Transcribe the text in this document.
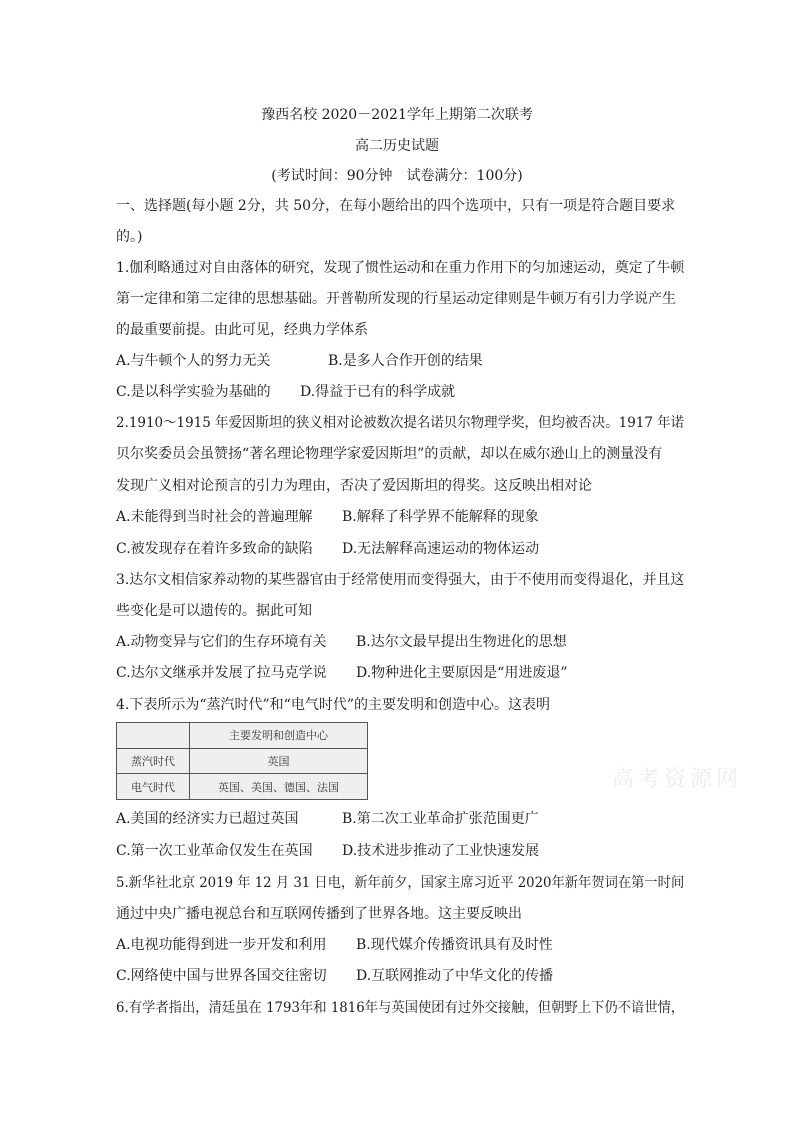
豫西名校 2020－2021学年上期第二次联考
高二历史试题
(考试时间：90分钟　试卷满分：100分)
一、选择题(每小题 2分，共 50分，在每小题给出的四个选项中，只有一项是符合题目要求
的。)
1.伽利略通过对自由落体的研究，发现了惯性运动和在重力作用下的匀加速运动，奠定了牛顿
第一定律和第二定律的思想基础。开普勒所发现的行星运动定律则是牛顿万有引力学说产生
的最重要前提。由此可见，经典力学体系
A.与牛顿个人的努力无关	B.是多人合作开创的结果
C.是以科学实验为基础的 D.得益于已有的科学成就
2.1910～1915 年爱因斯坦的狭义相对论被数次提名诺贝尔物理学奖，但均被否决。1917 年诺
贝尔奖委员会虽赞扬“著名理论物理学家爱因斯坦”的贡献，却以在威尔逊山上的测量没有
发现广义相对论预言的引力为理由，否决了爱因斯坦的得奖。这反映出相对论
A.未能得到当时社会的普遍理解 B.解释了科学界不能解释的现象
C.被发现存在着许多致命的缺陷 D.无法解释高速运动的物体运动
3.达尔文相信家养动物的某些器官由于经常使用而变得强大，由于不使用而变得退化，并且这
些变化是可以遗传的。据此可知
A.动物变异与它们的生存环境有关 B.达尔文最早提出生物进化的思想
C.达尔文继承并发展了拉马克学说 D.物种进化主要原因是“用进废退”
4.下表所示为“蒸汽时代”和“电气时代”的主要发明和创造中心。这表明
	主要发明和创造中心
蒸汽时代	英国
电气时代	英国、美国、德国、法国	高考资源网
A.美国的经济实力已超过英国	B.第二次工业革命扩张范围更广
C.第一次工业革命仅发生在英国 D.技术进步推动了工业快速发展
5.新华社北京 2019 年 12 月 31 日电，新年前夕，国家主席习近平 2020年新年贺词在第一时间
通过中央广播电视总台和互联网传播到了世界各地。这主要反映出
A.电视功能得到进一步开发和利用 B.现代媒介传播资讯具有及时性
C.网络使中国与世界各国交往密切 D.互联网推动了中华文化的传播
6.有学者指出，清廷虽在 1793年和 1816年与英国使团有过外交接触，但朝野上下仍不谙世情，
